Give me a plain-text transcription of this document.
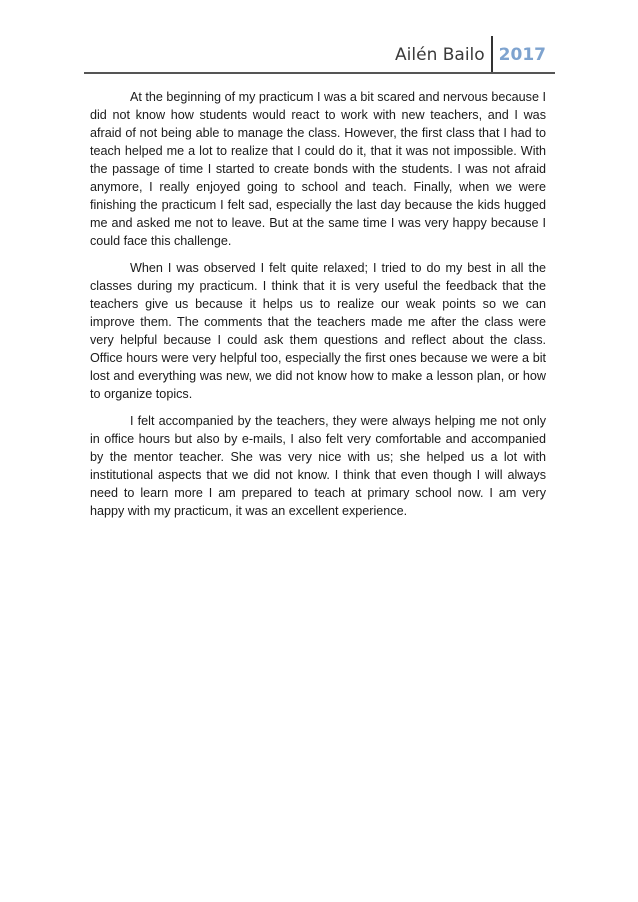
Ailén Bailo 2017

At the beginning of my practicum I was a bit scared and nervous because I did not know how students would react to work with new teachers, and I was afraid of not being able to manage the class. However, the first class that I had to teach helped me a lot to realize that I could do it, that it was not impossible. With the passage of time I started to create bonds with the students. I was not afraid anymore, I really enjoyed going to school and teach. Finally, when we were finishing the practicum I felt sad, especially the last day because the kids hugged me and asked me not to leave. But at the same time I was very happy because I could face this challenge.

When I was observed I felt quite relaxed; I tried to do my best in all the classes during my practicum. I think that it is very useful the feedback that the teachers give us because it helps us to realize our weak points so we can improve them. The comments that the teachers made me after the class were very helpful because I could ask them questions and reflect about the class. Office hours were very helpful too, especially the first ones because we were a bit lost and everything was new, we did not know how to make a lesson plan, or how to organize topics.

I felt accompanied by the teachers, they were always helping me not only in office hours but also by e-mails, I also felt very comfortable and accompanied by the mentor teacher. She was very nice with us; she helped us a lot with institutional aspects that we did not know. I think that even though I will always need to learn more I am prepared to teach at primary school now. I am very happy with my practicum, it was an excellent experience.
